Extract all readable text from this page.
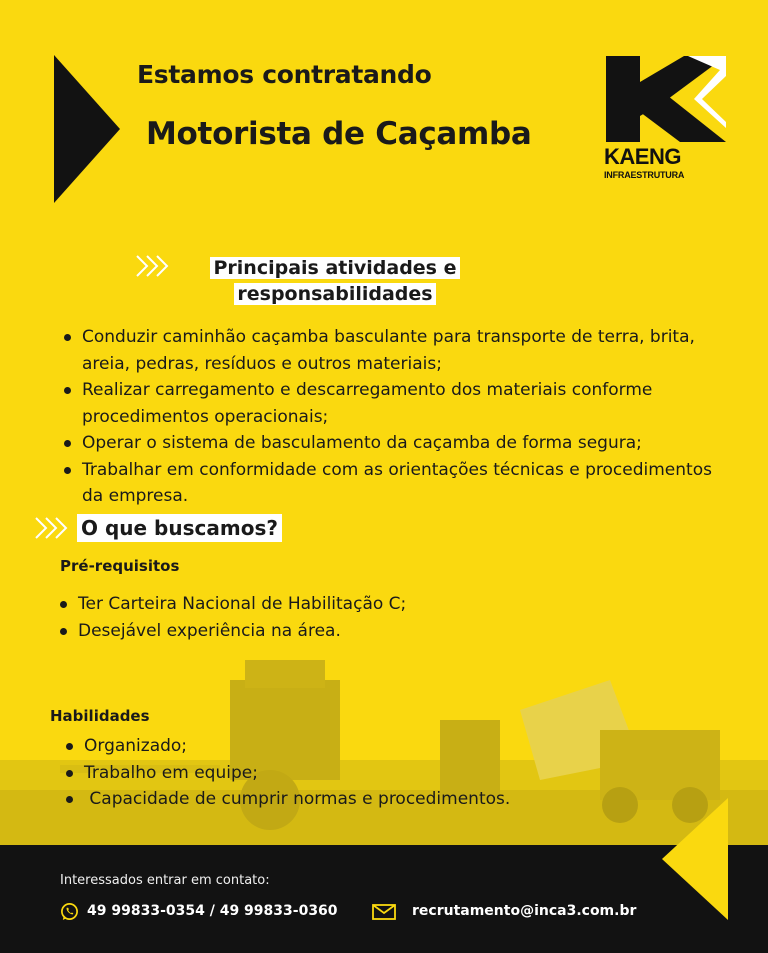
Estamos contratando
Motorista de Caçamba
KAENG
INFRAESTRUTURA
Principais atividades e
responsabilidades
Conduzir caminhão caçamba basculante para transporte de terra, brita, areia, pedras, resíduos e outros materiais;
Realizar carregamento e descarregamento dos materiais conforme procedimentos operacionais;
Operar o sistema de basculamento da caçamba de forma segura;
Trabalhar em conformidade com as orientações técnicas e procedimentos da empresa.
O que buscamos?
Pré-requisitos
Ter Carteira Nacional de Habilitação C;
Desejável experiência na área.
Habilidades
Organizado;
Trabalho em equipe;
Capacidade de cumprir normas e procedimentos.
Interessados entrar em contato:
49 99833-0354 / 49 99833-0360	recrutamento@inca3.com.br
